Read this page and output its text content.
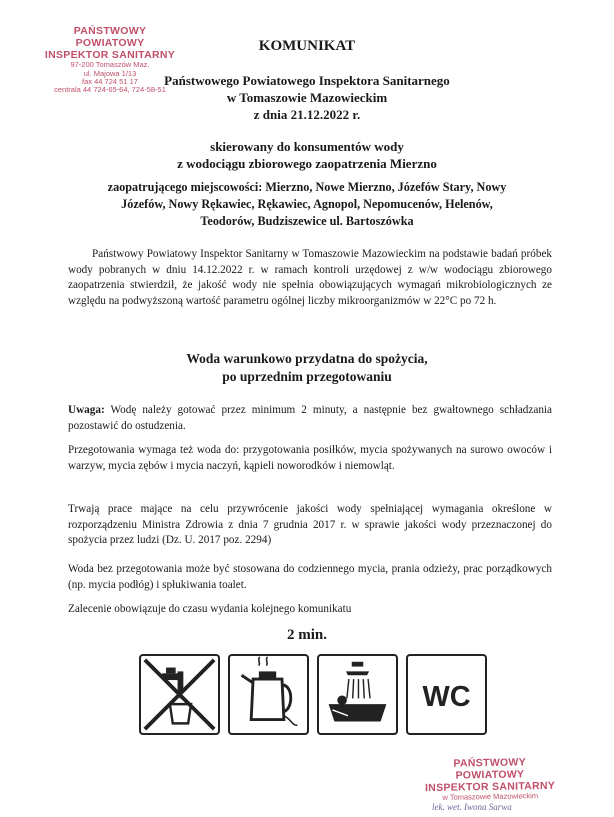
PAŃSTWOWY POWIATOWY
INSPEKTOR SANITARNY
97-200 Tomaszów Maz.
ul. Majowa 1/13
fax 44 724 51 17
centrala 44 724-65-64, 724-58-51
KOMUNIKAT
Państwowego Powiatowego Inspektora Sanitarnego
w Tomaszowie Mazowieckim
z dnia 21.12.2022 r.
skierowany do konsumentów wody
z wodociągu zbiorowego zaopatrzenia Mierzno
zaopatrującego miejscowości: Mierzno, Nowe Mierzno, Józefów Stary, Nowy
Józefów, Nowy Rękawiec, Rękawiec, Agnopol, Nepomucenów, Helenów,
Teodorów, Budziszewice ul. Bartoszówka
Państwowy Powiatowy Inspektor Sanitarny w Tomaszowie Mazowieckim na podstawie badań próbek wody pobranych w dniu 14.12.2022 r. w ramach kontroli urzędowej z w/w wodociągu zbiorowego zaopatrzenia stwierdził, że jakość wody nie spełnia obowiązujących wymagań mikrobiologicznych ze względu na podwyższoną wartość parametru ogólnej liczby mikroorganizmów w 22°C po 72 h.
Woda warunkowo przydatna do spożycia,
po uprzednim przegotowaniu
Uwaga: Wodę należy gotować przez minimum 2 minuty, a następnie bez gwałtownego schładzania pozostawić do ostudzenia.
Przegotowania wymaga też woda do: przygotowania posiłków, mycia spożywanych na surowo owoców i warzyw, mycia zębów i mycia naczyń, kąpieli noworodków i niemowląt.
Trwają prace mające na celu przywrócenie jakości wody spełniającej wymagania określone w rozporządzeniu Ministra Zdrowia z dnia 7 grudnia 2017 r. w sprawie jakości wody przeznaczonej do spożycia przez ludzi (Dz. U. 2017 poz. 2294)
Woda bez przegotowania może być stosowana do codziennego mycia, prania odzieży, prac porządkowych (np. mycia podłóg) i spłukiwania toalet.
Zalecenie obowiązuje do czasu wydania kolejnego komunikatu
2 min.
WC
PAŃSTWOWY POWIATOWY
INSPEKTOR SANITARNY
w Tomaszowie Mazowieckim
lek. wet. Iwona Sarwa
